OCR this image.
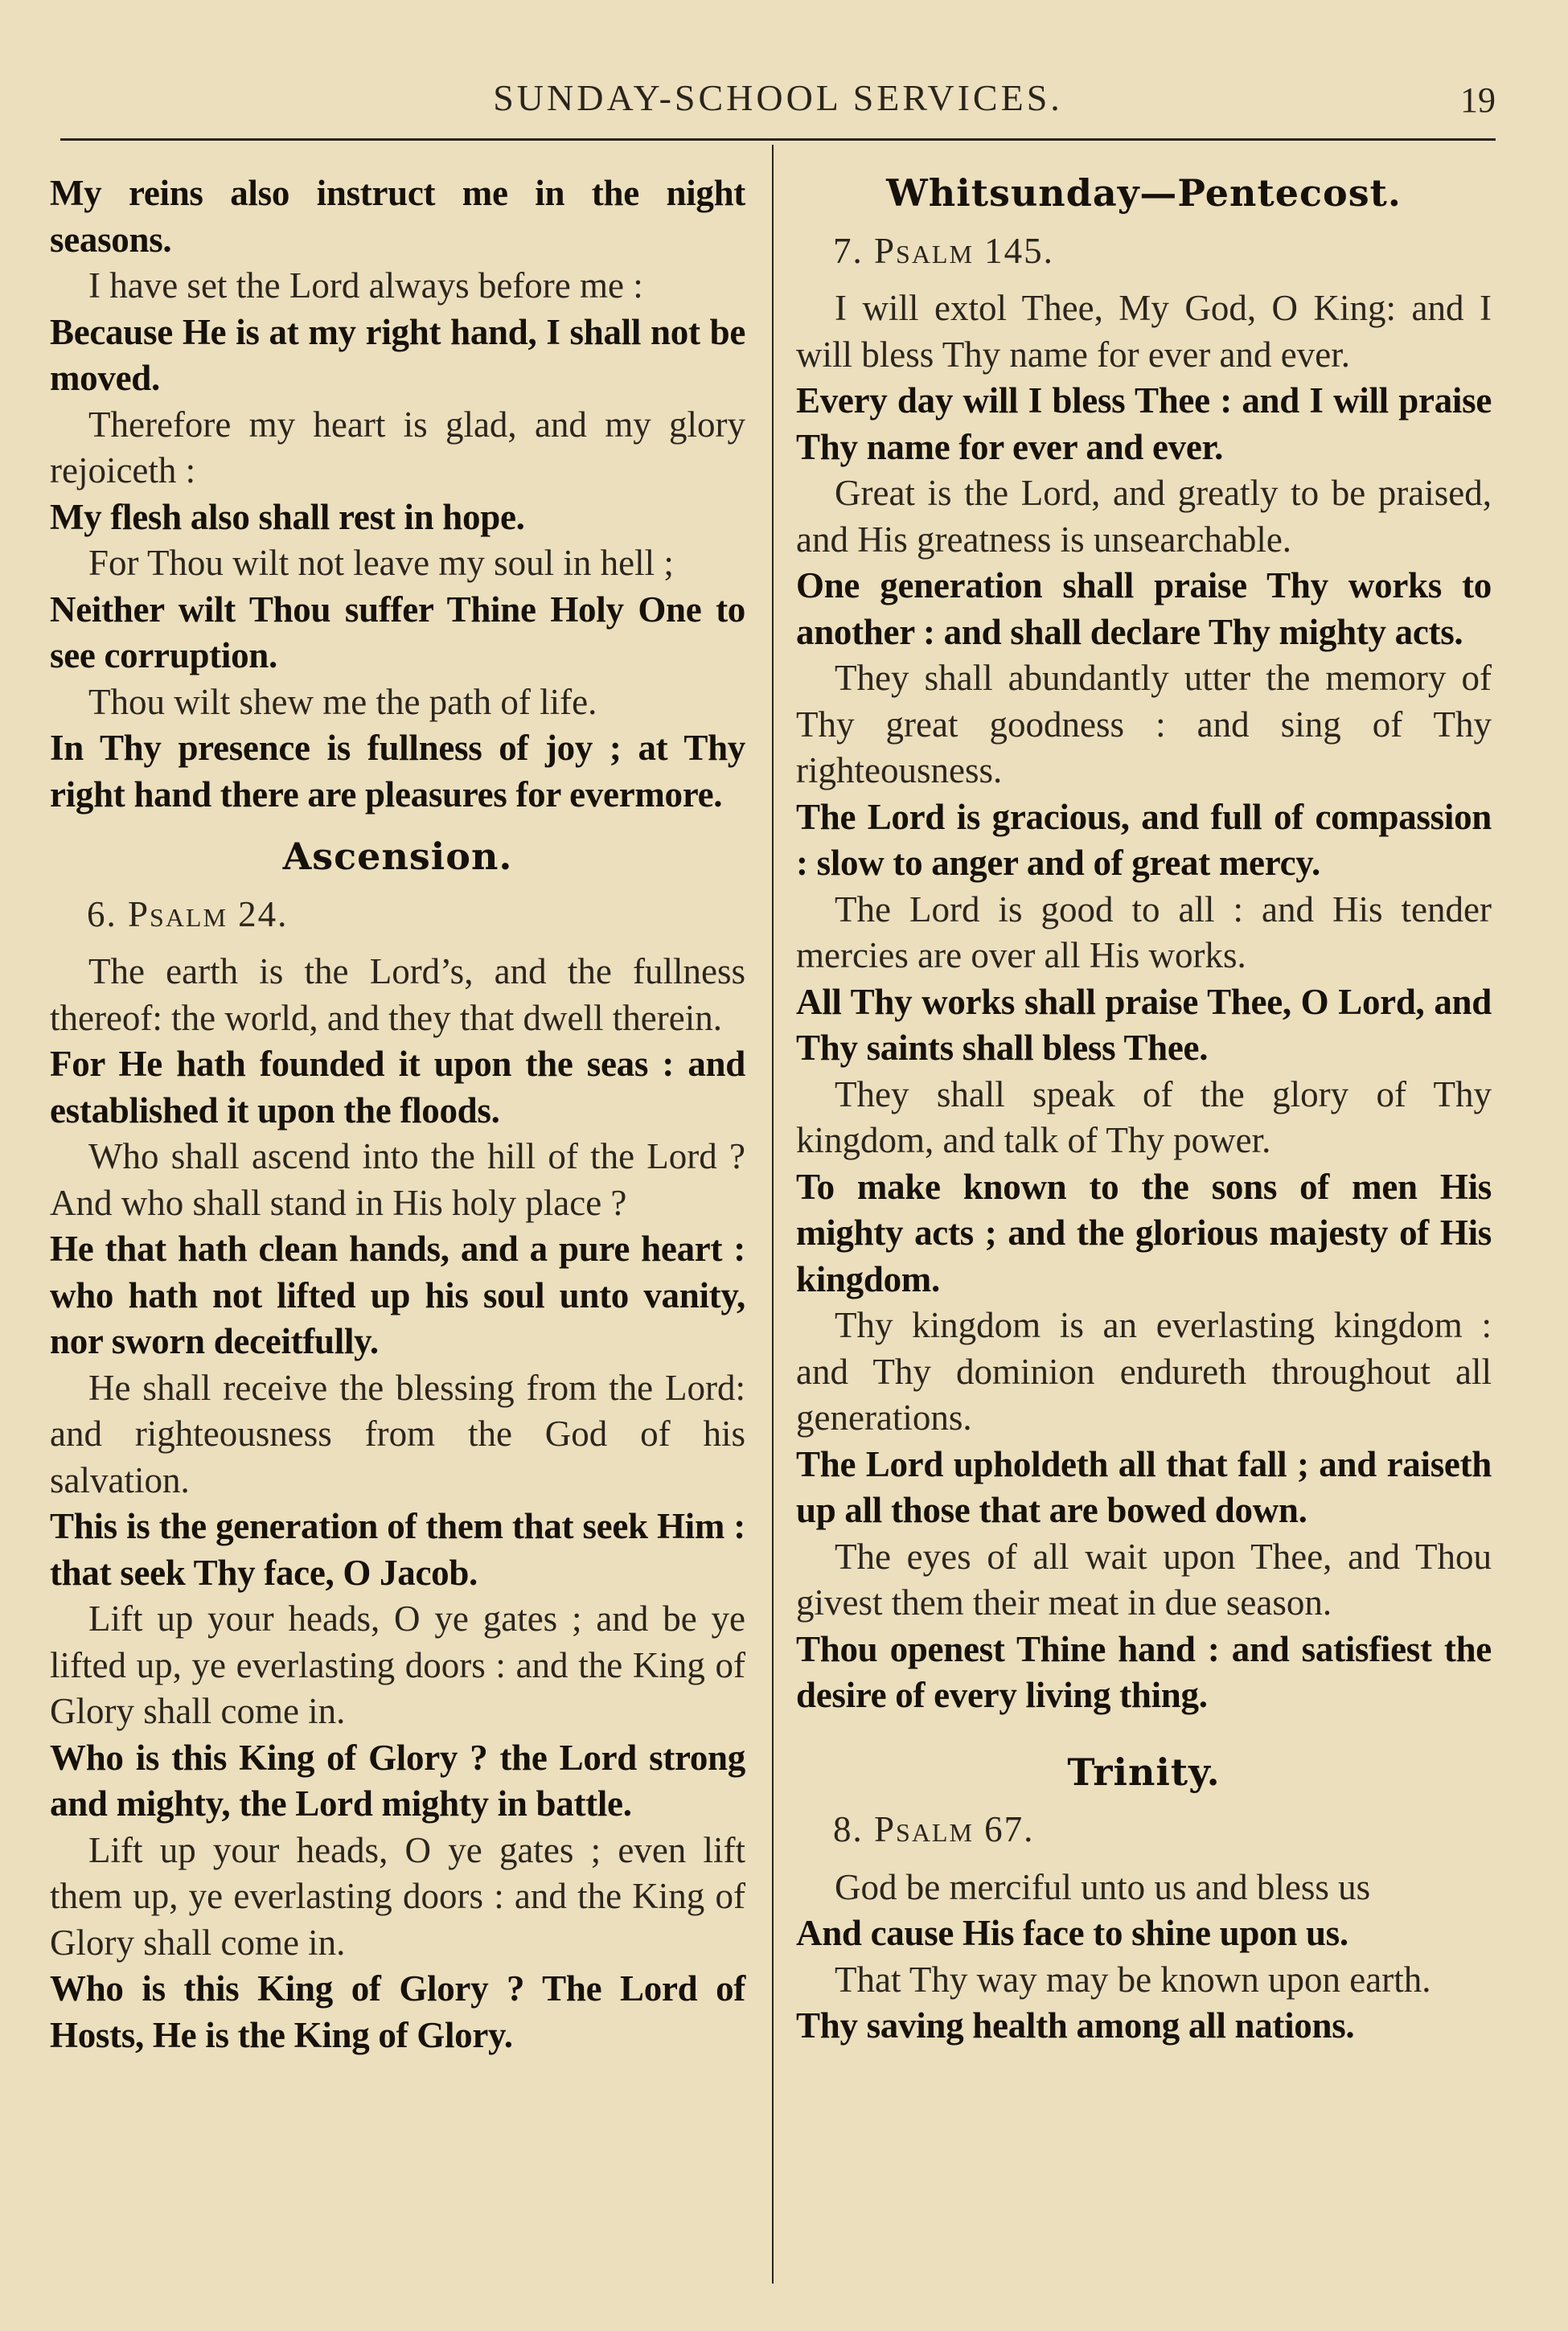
SUNDAY-SCHOOL SERVICES.	19

My reins also instruct me in the night seasons.

I have set the Lord always before me :

Because He is at my right hand, I shall not be moved.

Therefore my heart is glad, and my glory rejoiceth :

My flesh also shall rest in hope.

For Thou wilt not leave my soul in hell ;

Neither wilt Thou suffer Thine Holy One to see corruption.

Thou wilt shew me the path of life.

In Thy presence is fullness of joy ; at Thy right hand there are pleasures for evermore.

Ascension.

6. Psalm 24.

The earth is the Lord’s, and the fullness thereof: the world, and they that dwell therein.

For He hath founded it upon the seas : and established it upon the floods.

Who shall ascend into the hill of the Lord ? And who shall stand in His holy place ?

He that hath clean hands, and a pure heart : who hath not lifted up his soul unto vanity, nor sworn deceitfully.

He shall receive the blessing from the Lord: and righteousness from the God of his salvation.

This is the generation of them that seek Him : that seek Thy face, O Jacob.

Lift up your heads, O ye gates ; and be ye lifted up, ye everlasting doors : and the King of Glory shall come in.

Who is this King of Glory ? the Lord strong and mighty, the Lord mighty in battle.

Lift up your heads, O ye gates ; even lift them up, ye everlasting doors : and the King of Glory shall come in.

Who is this King of Glory ? The Lord of Hosts, He is the King of Glory.

Whitsunday—Pentecost.

7. Psalm 145.

I will extol Thee, My God, O King: and I will bless Thy name for ever and ever.

Every day will I bless Thee : and I will praise Thy name for ever and ever.

Great is the Lord, and greatly to be praised, and His greatness is unsearchable.

One generation shall praise Thy works to another : and shall declare Thy mighty acts.

They shall abundantly utter the memory of Thy great goodness : and sing of Thy righteousness.

The Lord is gracious, and full of compassion : slow to anger and of great mercy.

The Lord is good to all : and His tender mercies are over all His works.

All Thy works shall praise Thee, O Lord, and Thy saints shall bless Thee.

They shall speak of the glory of Thy kingdom, and talk of Thy power.

To make known to the sons of men His mighty acts ; and the glorious majesty of His kingdom.

Thy kingdom is an everlasting kingdom : and Thy dominion endureth throughout all generations.

The Lord upholdeth all that fall ; and raiseth up all those that are bowed down.

The eyes of all wait upon Thee, and Thou givest them their meat in due season.

Thou openest Thine hand : and satisfiest the desire of every living thing.

Trinity.

8. Psalm 67.

God be merciful unto us and bless us

And cause His face to shine upon us.

That Thy way may be known upon earth.

Thy saving health among all nations.
